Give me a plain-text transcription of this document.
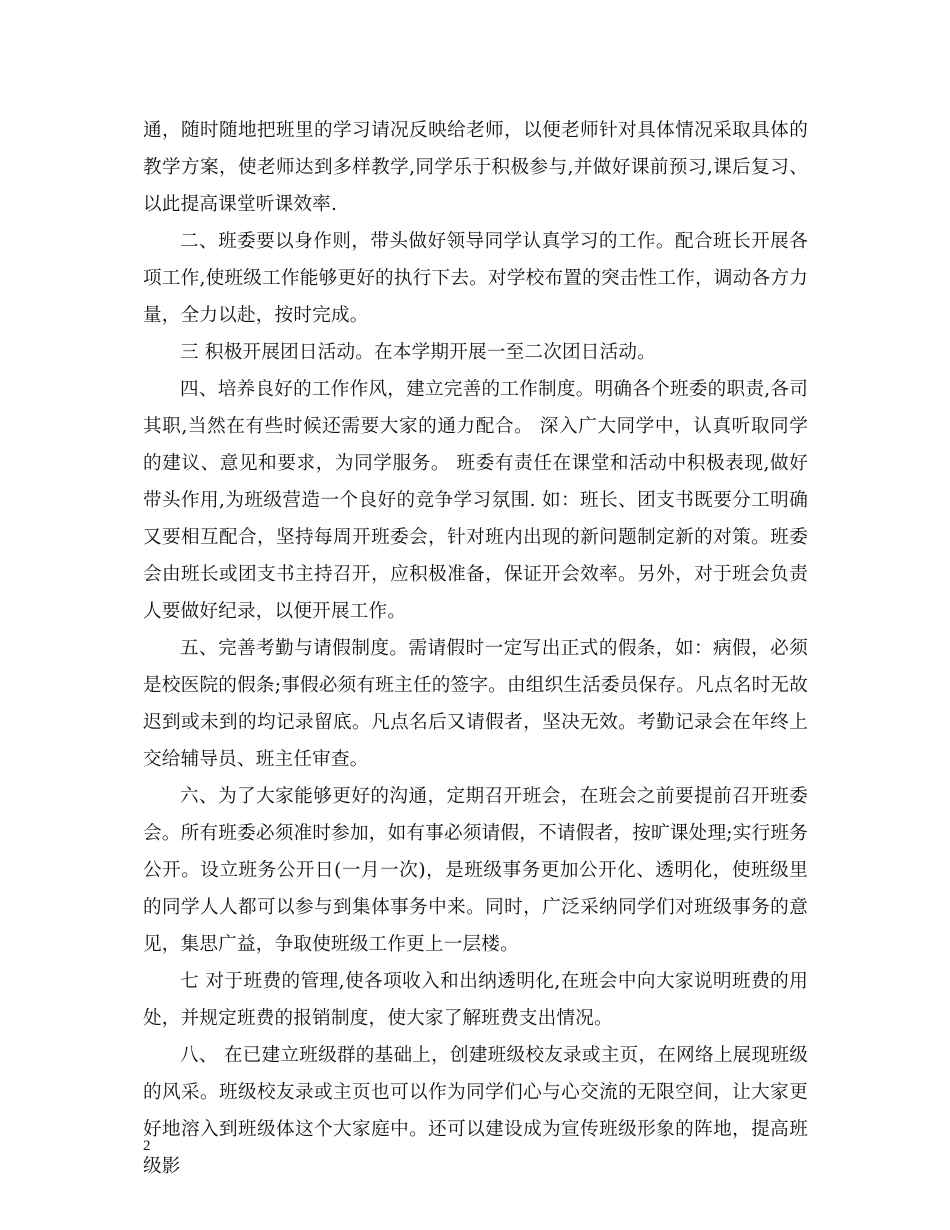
通，随时随地把班里的学习请况反映给老师，以便老师针对具体情况采取具体的教学方案，使老师达到多样教学,同学乐于积极参与,并做好课前预习,课后复习、以此提高课堂听课效率.

二、班委要以身作则，带头做好领导同学认真学习的工作。配合班长开展各项工作,使班级工作能够更好的执行下去。对学校布置的突击性工作，调动各方力量，全力以赴，按时完成。

三 积极开展团日活动。在本学期开展一至二次团日活动。

四、培养良好的工作作风，建立完善的工作制度。明确各个班委的职责,各司其职,当然在有些时候还需要大家的通力配合。 深入广大同学中，认真听取同学的建议、意见和要求，为同学服务。 班委有责任在课堂和活动中积极表现,做好带头作用,为班级营造一个良好的竞争学习氛围. 如：班长、团支书既要分工明确又要相互配合，坚持每周开班委会，针对班内出现的新问题制定新的对策。班委会由班长或团支书主持召开，应积极准备，保证开会效率。另外，对于班会负责人要做好纪录，以便开展工作。

五、完善考勤与请假制度。需请假时一定写出正式的假条，如：病假，必须是校医院的假条;事假必须有班主任的签字。由组织生活委员保存。凡点名时无故迟到或未到的均记录留底。凡点名后又请假者，坚决无效。考勤记录会在年终上交给辅导员、班主任审查。

六、为了大家能够更好的沟通，定期召开班会，在班会之前要提前召开班委会。所有班委必须准时参加，如有事必须请假，不请假者，按旷课处理;实行班务公开。设立班务公开日(一月一次)，是班级事务更加公开化、透明化，使班级里的同学人人都可以参与到集体事务中来。同时，广泛采纳同学们对班级事务的意见，集思广益，争取使班级工作更上一层楼。

七 对于班费的管理,使各项收入和出纳透明化,在班会中向大家说明班费的用处，并规定班费的报销制度，使大家了解班费支出情况。

八、 在已建立班级群的基础上，创建班级校友录或主页，在网络上展现班级的风采。班级校友录或主页也可以作为同学们心与心交流的无限空间，让大家更好地溶入到班级体这个大家庭中。还可以建设成为宣传班级形象的阵地，提高班级影

2
